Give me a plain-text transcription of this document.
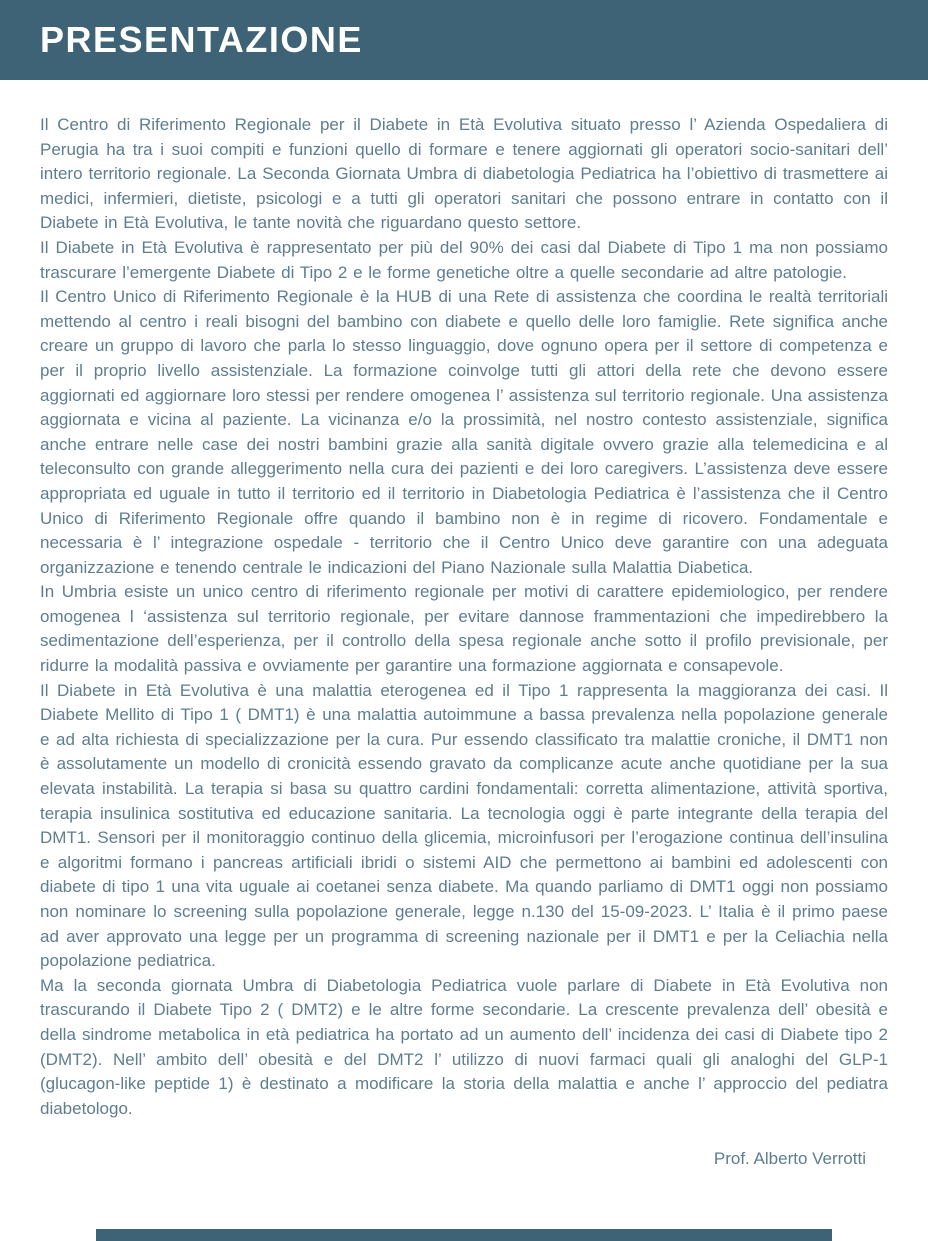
PRESENTAZIONE

Il Centro di Riferimento Regionale per il Diabete in Età Evolutiva situato presso l’ Azienda Ospedaliera di Perugia ha tra i suoi compiti e funzioni quello di formare e tenere aggiornati gli operatori socio-sanitari dell’ intero territorio regionale. La Seconda Giornata Umbra di diabetologia Pediatrica ha l’obiettivo di trasmettere ai medici, infermieri, dietiste, psicologi e a tutti gli operatori sanitari che possono entrare in contatto con il Diabete in Età Evolutiva, le tante novità che riguardano questo settore.

Il Diabete in Età Evolutiva è rappresentato per più del 90% dei casi dal Diabete di Tipo 1 ma non possiamo trascurare l’emergente Diabete di Tipo 2 e le forme genetiche oltre a quelle secondarie ad altre patologie.

Il Centro Unico di Riferimento Regionale è la HUB di una Rete di assistenza che coordina le realtà territoriali mettendo al centro i reali bisogni del bambino con diabete e quello delle loro famiglie. Rete significa anche creare un gruppo di lavoro che parla lo stesso linguaggio, dove ognuno opera per il settore di competenza e per il proprio livello assistenziale. La formazione coinvolge tutti gli attori della rete che devono essere aggiornati ed aggiornare loro stessi per rendere omogenea l’ assistenza sul territorio regionale. Una assistenza aggiornata e vicina al paziente. La vicinanza e/o la prossimità, nel nostro contesto assistenziale, significa anche entrare nelle case dei nostri bambini grazie alla sanità digitale ovvero grazie alla telemedicina e al teleconsulto con grande alleggerimento nella cura dei pazienti e dei loro caregivers. L’assistenza deve essere appropriata ed uguale in tutto il territorio ed il territorio in Diabetologia Pediatrica è l’assistenza che il Centro Unico di Riferimento Regionale offre quando il bambino non è in regime di ricovero. Fondamentale e necessaria è l’ integrazione ospedale - territorio che il Centro Unico deve garantire con una adeguata organizzazione e tenendo centrale le indicazioni del Piano Nazionale sulla Malattia Diabetica.

In Umbria esiste un unico centro di riferimento regionale per motivi di carattere epidemiologico, per rendere omogenea l ‘assistenza sul territorio regionale, per evitare dannose frammentazioni che impedirebbero la sedimentazione dell’esperienza, per il controllo della spesa regionale anche sotto il profilo previsionale, per ridurre la modalità passiva e ovviamente per garantire una formazione aggiornata e consapevole.

Il Diabete in Età Evolutiva è una malattia eterogenea ed il Tipo 1 rappresenta la maggioranza dei casi. Il Diabete Mellito di Tipo 1 ( DMT1) è una malattia autoimmune a bassa prevalenza nella popolazione generale e ad alta richiesta di specializzazione per la cura. Pur essendo classificato tra malattie croniche, il DMT1 non è assolutamente un modello di cronicità essendo gravato da complicanze acute anche quotidiane per la sua elevata instabilità. La terapia si basa su quattro cardini fondamentali: corretta alimentazione, attività sportiva, terapia insulinica sostitutiva ed educazione sanitaria. La tecnologia oggi è parte integrante della terapia del DMT1. Sensori per il monitoraggio continuo della glicemia, microinfusori per l’erogazione continua dell’insulina e algoritmi formano i pancreas artificiali ibridi o sistemi AID che permettono ai bambini ed adolescenti con diabete di tipo 1 una vita uguale ai coetanei senza diabete. Ma quando parliamo di DMT1 oggi non possiamo non nominare lo screening sulla popolazione generale, legge n.130 del 15-09-2023. L’ Italia è il primo paese ad aver approvato una legge per un programma di screening nazionale per il DMT1 e per la Celiachia nella popolazione pediatrica.

Ma la seconda giornata Umbra di Diabetologia Pediatrica vuole parlare di Diabete in Età Evolutiva non trascurando il Diabete Tipo 2 ( DMT2) e le altre forme secondarie. La crescente prevalenza dell’ obesità e della sindrome metabolica in età pediatrica ha portato ad un aumento dell’ incidenza dei casi di Diabete tipo 2 (DMT2). Nell’ ambito dell’ obesità e del DMT2 l’ utilizzo di nuovi farmaci quali gli analoghi del GLP-1 (glucagon-like peptide 1) è destinato a modificare la storia della malattia e anche l’ approccio del pediatra diabetologo.

Prof. Alberto Verrotti
